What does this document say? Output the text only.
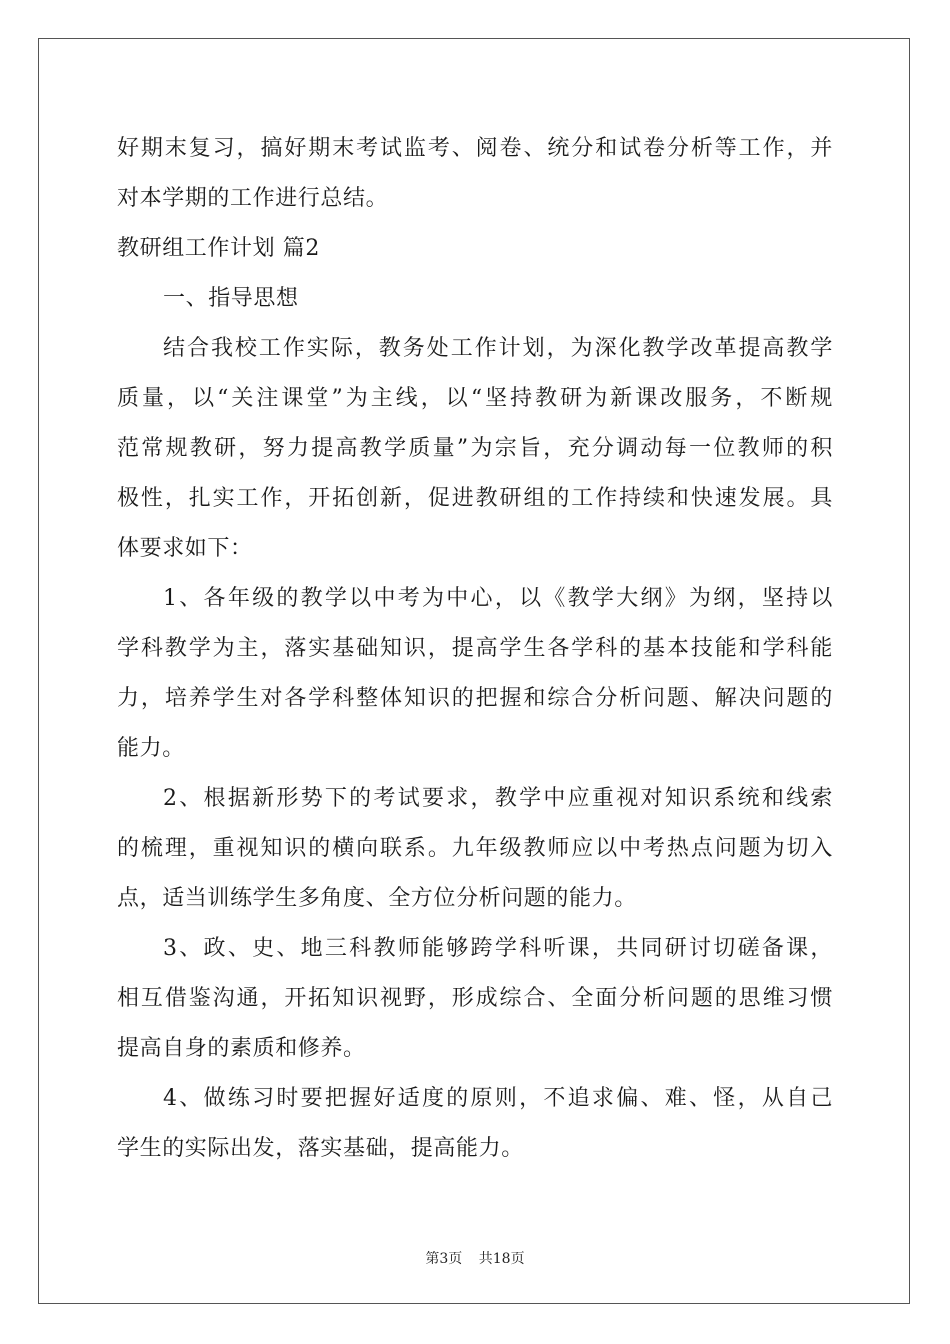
好期末复习，搞好期末考试监考、阅卷、统分和试卷分析等工作，并
对本学期的工作进行总结。
教研组工作计划 篇2
一、指导思想
结合我校工作实际，教务处工作计划，为深化教学改革提高教学
质量，以“关注课堂”为主线，以“坚持教研为新课改服务，不断规
范常规教研，努力提高教学质量”为宗旨，充分调动每一位教师的积
极性，扎实工作，开拓创新，促进教研组的工作持续和快速发展。具
体要求如下：
1、各年级的教学以中考为中心，以《教学大纲》为纲，坚持以
学科教学为主，落实基础知识，提高学生各学科的基本技能和学科能
力，培养学生对各学科整体知识的把握和综合分析问题、解决问题的
能力。
2、根据新形势下的考试要求，教学中应重视对知识系统和线索
的梳理，重视知识的横向联系。九年级教师应以中考热点问题为切入
点，适当训练学生多角度、全方位分析问题的能力。
3、政、史、地三科教师能够跨学科听课，共同研讨切磋备课，
相互借鉴沟通，开拓知识视野，形成综合、全面分析问题的思维习惯
提高自身的素质和修养。
4、做练习时要把握好适度的原则，不追求偏、难、怪，从自己
学生的实际出发，落实基础，提高能力。
第3页 共18页
